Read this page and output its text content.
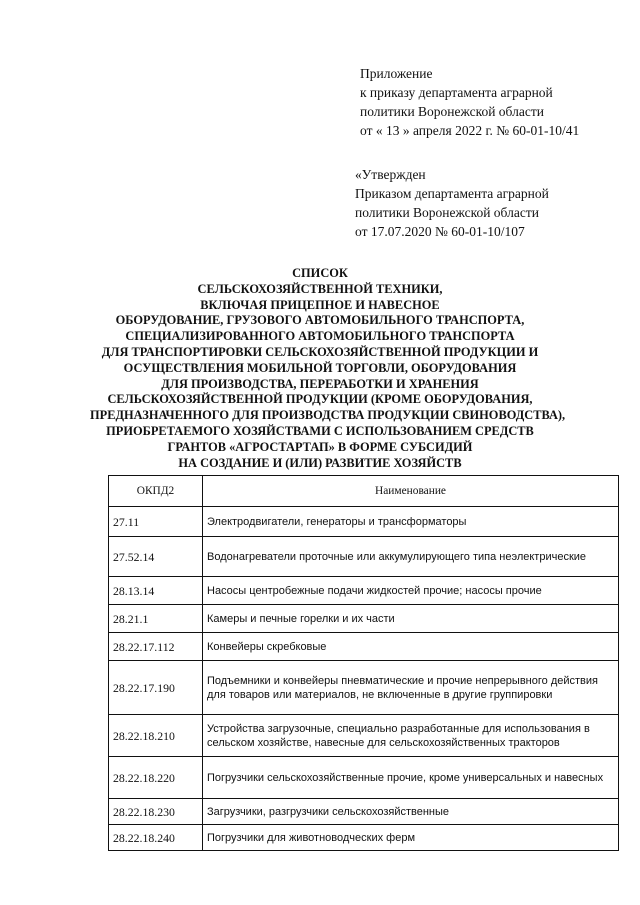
Приложение
к приказу департамента аграрной
политики Воронежской области
от « 13 » апреля 2022 г. № 60-01-10/41
«Утвержден
Приказом департамента аграрной
политики Воронежской области
от 17.07.2020 № 60-01-10/107
СПИСОК
СЕЛЬСКОХОЗЯЙСТВЕННОЙ ТЕХНИКИ,
ВКЛЮЧАЯ ПРИЦЕПНОЕ И НАВЕСНОЕ
ОБОРУДОВАНИЕ, ГРУЗОВОГО АВТОМОБИЛЬНОГО ТРАНСПОРТА,
СПЕЦИАЛИЗИРОВАННОГО АВТОМОБИЛЬНОГО ТРАНСПОРТА
ДЛЯ ТРАНСПОРТИРОВКИ СЕЛЬСКОХОЗЯЙСТВЕННОЙ ПРОДУКЦИИ И
ОСУЩЕСТВЛЕНИЯ МОБИЛЬНОЙ ТОРГОВЛИ, ОБОРУДОВАНИЯ
ДЛЯ ПРОИЗВОДСТВА, ПЕРЕРАБОТКИ И ХРАНЕНИЯ
СЕЛЬСКОХОЗЯЙСТВЕННОЙ ПРОДУКЦИИ (КРОМЕ ОБОРУДОВАНИЯ,
ПРЕДНАЗНАЧЕННОГО ДЛЯ ПРОИЗВОДСТВА ПРОДУКЦИИ СВИНОВОДСТВА),
ПРИОБРЕТАЕМОГО ХОЗЯЙСТВАМИ С ИСПОЛЬЗОВАНИЕМ СРЕДСТВ
ГРАНТОВ «АГРОСТАРТАП» В ФОРМЕ СУБСИДИЙ
НА СОЗДАНИЕ И (ИЛИ) РАЗВИТИЕ ХОЗЯЙСТВ
ОКПД2	Наименование
27.11	Электродвигатели, генераторы и трансформаторы
27.52.14	Водонагреватели проточные или аккумулирующего типа неэлектрические
28.13.14	Насосы центробежные подачи жидкостей прочие; насосы прочие
28.21.1	Камеры и печные горелки и их части
28.22.17.112	Конвейеры скребковые
28.22.17.190	Подъемники и конвейеры пневматические и прочие непрерывного действия для товаров или материалов, не включенные в другие группировки
28.22.18.210	Устройства загрузочные, специально разработанные для использования в сельском хозяйстве, навесные для сельскохозяйственных тракторов
28.22.18.220	Погрузчики сельскохозяйственные прочие, кроме универсальных и навесных
28.22.18.230	Загрузчики, разгрузчики сельскохозяйственные
28.22.18.240	Погрузчики для животноводческих ферм
